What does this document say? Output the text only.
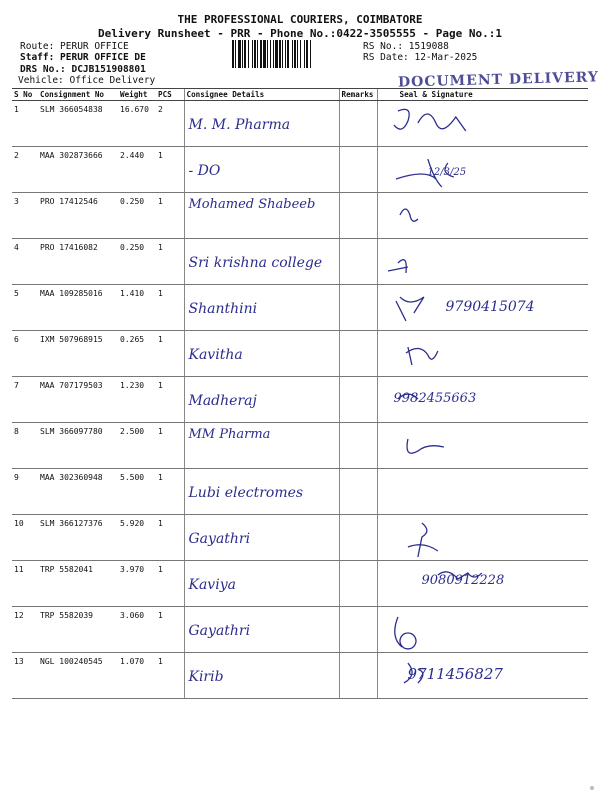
THE PROFESSIONAL COURIERS, COIMBATORE
Delivery Runsheet - PRR - Phone No.:0422-3505555 - Page No.:1
Route: PERUR OFFICE
Staff: PERUR OFFICE DE
DRS No.: DCJB151908801
Vehicle: Office Delivery
RS No.: 1519088
RS Date: 12-Mar-2025
DOCUMENT DELIVERY
S No	Consignment No	Weight	PCS	Consignee Details	Remarks	Seal & Signature
1	SLM 366054838	16.670	2	M. M. Pharma

2	MAA 302873666	2.440	1	- DO		12/3/25

3	PRO 17412546	0.250	1	Mohamed Shabeeb

4	PRO 17416082	0.250	1	Sri krishna college

5	MAA 109285016	1.410	1	Shanthini		9790415074

6	IXM 507968915	0.265	1	Kavitha

7	MAA 707179503	1.230	1	Madheraj		9982455663

8	SLM 366097780	2.500	1	MM Pharma

9	MAA 302360948	5.500	1	Lubi electromes

10	SLM 366127376	5.920	1	Gayathri

11	TRP 5582041	3.970	1	Kaviya		9080912228

12	TRP 5582039	3.060	1	Gayathri

13	NGL 100240545	1.070	1	Kirib		9711456827
